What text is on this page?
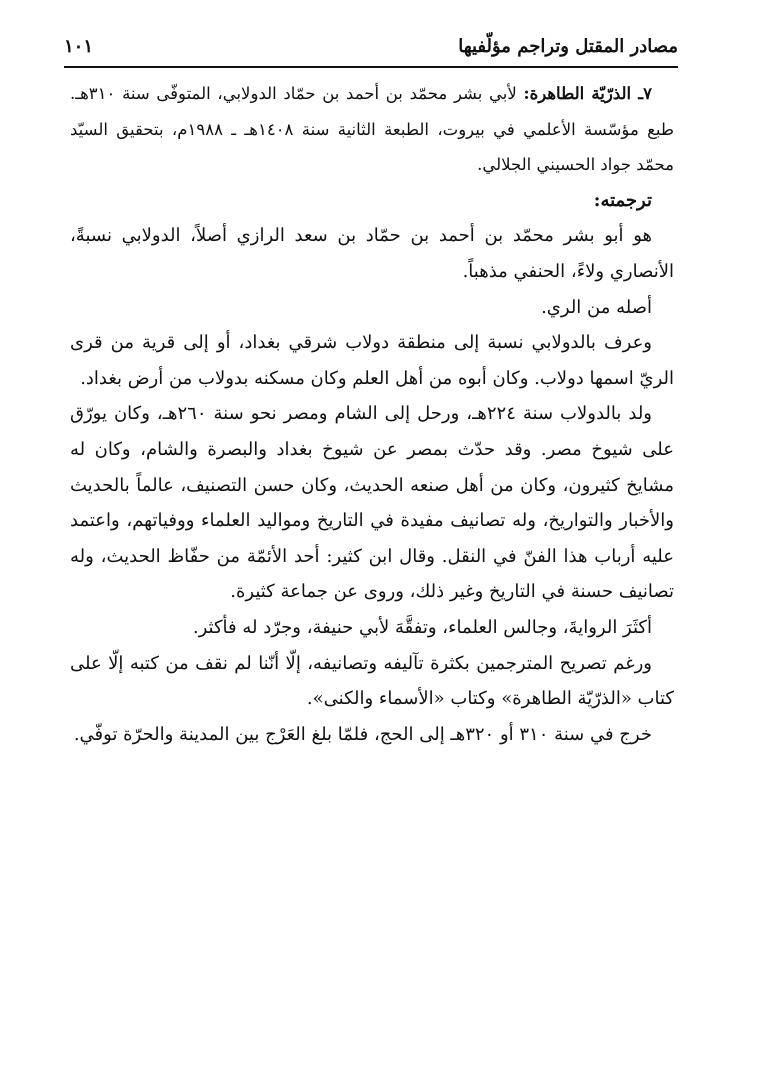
مصادر المقتل وتراجم مؤلّفيها
١٠١

٧ـ الذرّيّة الطاهرة: لأبي بشر محمّد بن أحمد بن حمّاد الدولابي، المتوفّى سنة ٣١٠هـ. طبع مؤسّسة الأعلمي في بيروت، الطبعة الثانية سنة ١٤٠٨هـ ـ ١٩٨٨م، بتحقيق السيّد محمّد جواد الحسيني الجلالي.

ترجمته:

هو أبو بشر محمّد بن أحمد بن حمّاد بن سعد الرازي أصلاً، الدولابي نسبةً، الأنصاري ولاءً، الحنفي مذهباً.

أصله من الري.

وعرف بالدولابي نسبة إلى منطقة دولاب شرقي بغداد، أو إلى قرية من قرى الريّ اسمها دولاب. وكان أبوه من أهل العلم وكان مسكنه بدولاب من أرض بغداد.

ولد بالدولاب سنة ٢٢٤هـ، ورحل إلى الشام ومصر نحو سنة ٢٦٠هـ، وكان يورّق على شيوخ مصر. وقد حدّث بمصر عن شيوخ بغداد والبصرة والشام، وكان له مشايخ كثيرون، وكان من أهل صنعه الحديث، وكان حسن التصنيف، عالماً بالحديث والأخبار والتواريخ، وله تصانيف مفيدة في التاريخ ومواليد العلماء ووفياتهم، واعتمد عليه أرباب هذا الفنّ في النقل. وقال ابن كثير: أحد الأئمّة من حفّاظ الحديث، وله تصانيف حسنة في التاريخ وغير ذلك، وروى عن جماعة كثيرة.

أكثَرَ الروايةَ، وجالس العلماء، وتفقَّهَ لأبي حنيفة، وجرّد له فأكثر.

ورغم تصريح المترجمين بكثرة تآليفه وتصانيفه، إلّا أنّنا لم نقف من كتبه إلّا على كتاب «الذرّيّة الطاهرة» وكتاب «الأسماء والكنى».

خرج في سنة ٣١٠ أو ٣٢٠هـ إلى الحج، فلمّا بلغ العَرْج بين المدينة والحرّة توفّي.
